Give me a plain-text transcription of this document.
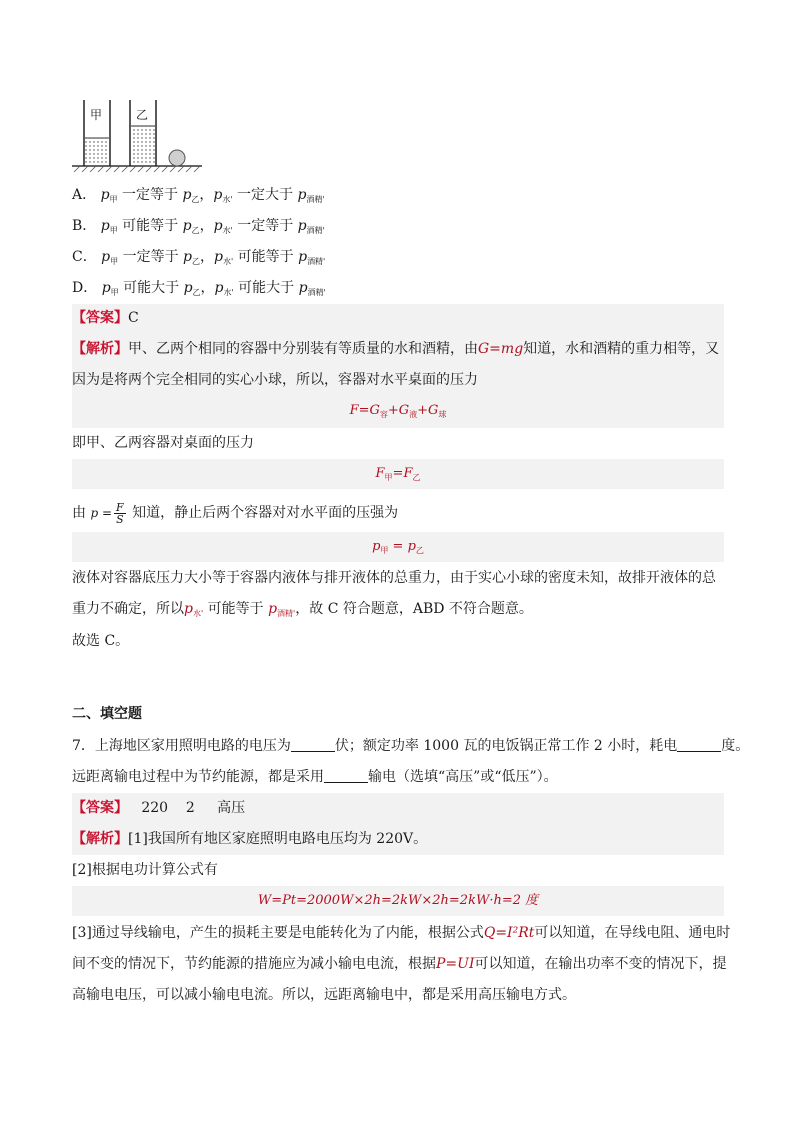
甲	乙
A． $p_甲$ 一定等于 $p_乙$，$p_{水'}$ 一定大于 $p_{酒精'}$
B． $p_甲$ 可能等于 $p_乙$，$p_{水'}$ 一定等于 $p_{酒精'}$
C． $p_甲$ 一定等于 $p_乙$，$p_{水'}$ 可能等于 $p_{酒精'}$
D． $p_甲$ 可能大于 $p_乙$，$p_{水'}$ 可能大于 $p_{酒精'}$
【答案】C
【解析】甲、乙两个相同的容器中分别装有等质量的水和酒精，由G=mg知道，水和酒精的重力相等，又
因为是将两个完全相同的实心小球，所以，容器对水平桌面的压力
$F=G_容+G_液+G_球$
即甲、乙两容器对桌面的压力
$F_甲=F_乙$
由 $p = \frac{F}{S}$ 知道，静止后两个容器对对水平面的压强为
$p_甲 = p_乙$
液体对容器底压力大小等于容器内液体与排开液体的总重力，由于实心小球的密度未知，故排开液体的总
重力不确定，所以$p_{水'}$ 可能等于 $p_{酒精'}$，故 C 符合题意，ABD 不符合题意。
故选 C。
二、填空题
7．上海地区家用照明电路的电压为	伏；额定功率 1000 瓦的电饭锅正常工作 2 小时，耗电	度。
远距离输电过程中为节约能源，都是采用	输电（选填“高压”或“低压”）。
【答案】 220 2 高压
【解析】[1]我国所有地区家庭照明电路电压均为 220V。
[2]根据电功计算公式有
W=Pt=2000W×2h=2kW×2h=2kW·h=2 度
[3]通过导线输电，产生的损耗主要是电能转化为了内能，根据公式Q=I²Rt可以知道，在导线电阻、通电时
间不变的情况下，节约能源的措施应为减小输电电流，根据P=UI可以知道，在输出功率不变的情况下，提
高输电电压，可以减小输电电流。所以，远距离输电中，都是采用高压输电方式。
